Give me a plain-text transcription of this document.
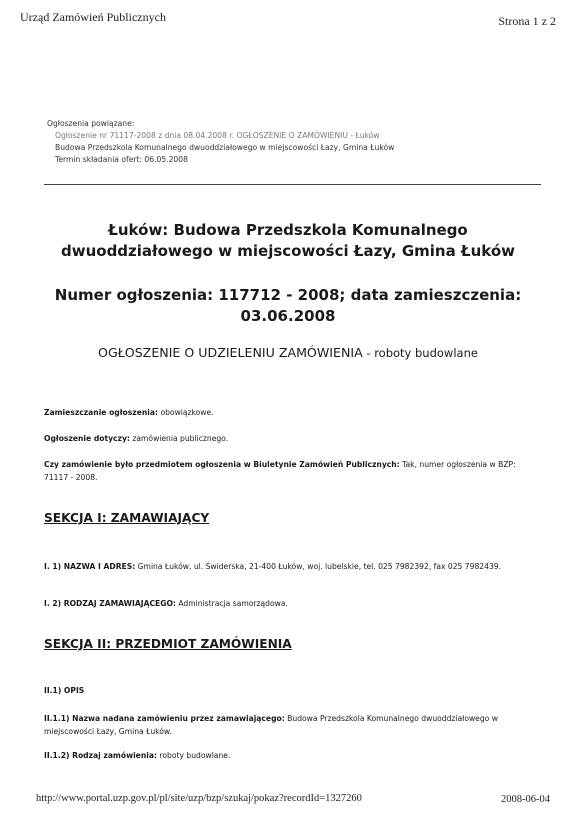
Urząd Zamówień Publicznych	Strona 1 z 2
Ogłoszenia powiązane:
Ogłoszenie nr 71117-2008 z dnia 08.04.2008 r. OGŁOSZENIE O ZAMÓWIENIU - Łuków
Budowa Przedszkola Komunalnego dwuoddziałowego w miejscowości Łazy, Gmina Łuków
Termin składania ofert: 06.05.2008
Łuków: Budowa Przedszkola Komunalnego dwuoddziałowego w miejscowości Łazy, Gmina Łuków
Numer ogłoszenia: 117712 - 2008; data zamieszczenia: 03.06.2008
OGŁOSZENIE O UDZIELENIU ZAMÓWIENIA - roboty budowlane
Zamieszczanie ogłoszenia: obowiązkowe.
Ogłoszenie dotyczy: zamówienia publicznego.
Czy zamówienie było przedmiotem ogłoszenia w Biuletynie Zamówień Publicznych: Tak, numer ogłoszenia w BZP: 71117 - 2008.
SEKCJA I: ZAMAWIAJĄCY
I. 1) NAZWA I ADRES: Gmina Łuków, ul. Świderska, 21-400 Łuków, woj. lubelskie, tel. 025 7982392, fax 025 7982439.
I. 2) RODZAJ ZAMAWIAJĄCEGO: Administracja samorządowa.
SEKCJA II: PRZEDMIOT ZAMÓWIENIA
II.1) OPIS
II.1.1) Nazwa nadana zamówieniu przez zamawiającego: Budowa Przedszkola Komunalnego dwuoddziałowego w miejscowości Łazy, Gmina Łuków.
II.1.2) Rodzaj zamówienia: roboty budowlane.
http://www.portal.uzp.gov.pl/pl/site/uzp/bzp/szukaj/pokaz?recordId=1327260	2008-06-04
